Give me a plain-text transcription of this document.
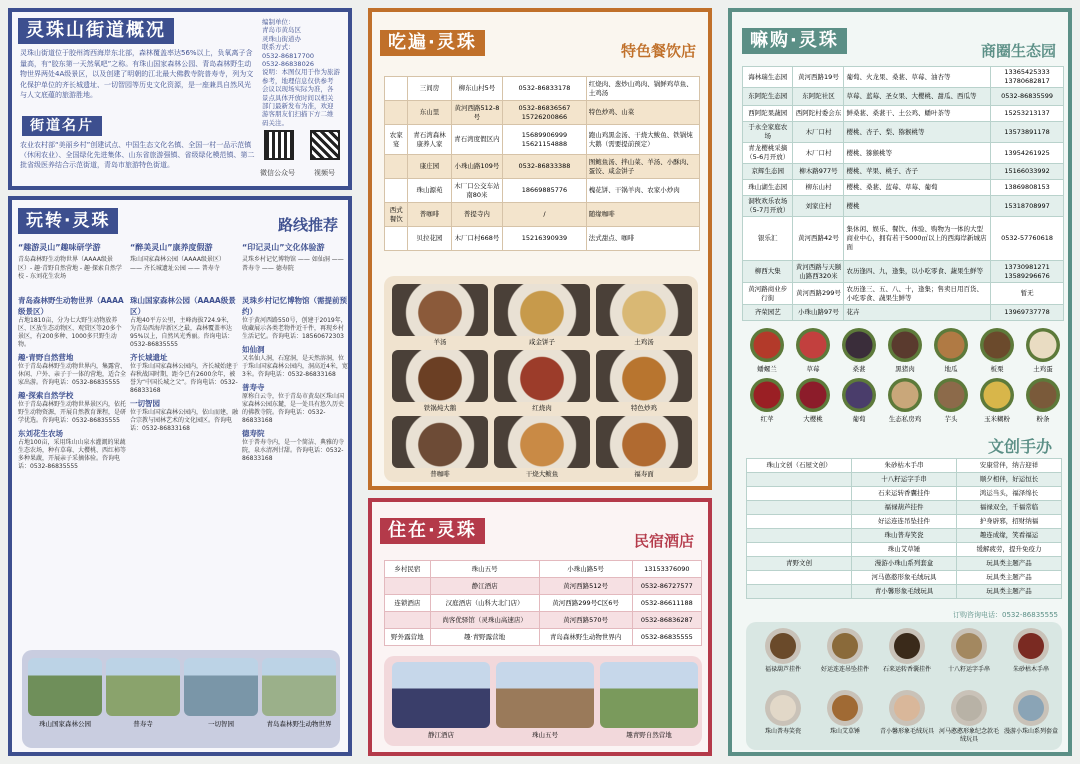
灵珠山街道概况
灵珠山街道位于胶州湾西海岸东北部，森林覆盖率达56%以上，负氧离子含量高，有“胶东第一天然氧吧”之称。有珠山国家森林公园、青岛森林野生动物世界两处4A级景区，以及创建了明朝的江北最大佛教寺院普寿寺，列为文化保护单位的齐长城遗址、一切智园等历史文化资源，是一座兼具自然风光与人文底蕴的旅游胜地。
编制单位：
青岛市黄岛区
灵珠山街道办
联系方式：
0532-86817700
0532-86838026
说明：本图仅用于作为旅游
参考，地理信息仅供参考
会议以现场实际为准，各
景点具体开放时间以相关
部门最新发布为准，欢迎
游客朋友们扫描下方二维
码关注。
街道名片
农业农村部“美丽乡村”创建试点、中国生态文化名镇、全国一村一品示范镇（休闲农业）、全国绿化先进集体、山东省旅游强镇、省级绿化模范镇、第二批省级医养结合示范街道，青岛市旅游特色街道。
微信公众号	视频号
玩转·灵珠	路线推荐
“趣游灵山”趣味研学游	“醉美灵山”康养度假游	“印记灵山”文化体验游
青岛森林野生动物世界（AAAA级景区）- 趣·青野自然营地 - 趣·探索自然学校 - 东刘花生农场
珠山国家森林公园（AAAA级景区）—— 齐长城遗址公园 —— 普寿寺
灵珠乡村记忆博物馆 —— 如仙洞 —— 普寿寺 —— 德寿院
青岛森林野生动物世界（AAAA级景区）
占地1810亩，分为七大野生动物放养区、区放生态动物区、观赏区等20多个景区，有200多种、1000多只野生动物。
趣·青野自然营地
位于青岛森林野生动物世界内，集露营、休闲、户外、亲子于一体的营地，适合全家出游。咨询电话：0532-86835555
趣·探索自然学校
位于青岛森林野生动物世界景区内，依托野生动物资源，开展自然教育课程，是研学优选。咨询电话：0532-86835555
东刘花生农场
占地100亩，采用珠山山泉水灌溉的果蔬生态农场，种有草莓、大樱桃、西红柿等多种果蔬，开展亲子采摘体验。咨询电话：0532-86835555
珠山国家森林公园（AAAA级景区）
占地40平方公里，主峰海拔724.9米，为青岛西海岸新区之最，森林覆盖率达95%以上，自然风光秀丽。咨询电话：0532-86835555
齐长城遗址
位于珠山国家森林公园内，齐长城始建于春秋战国时期，距今已有2600余年，被誉为“中国长城之父”。咨询电话：0532-86833168
一切智园
位于珠山国家森林公园内，依山而建，融合宗教与园林艺术的文化园区。咨询电话：0532-86833168
灵珠乡村记忆博物馆（需提前预约）
位于黄河西路550号，创建于2019年，收藏展示各类老物件近千件，再现乡村生活记忆。咨询电话：18560672303
如仙洞
又名仙人洞，石窟洞，是天然溶洞，位于珠山国家森林公园内，洞高近4米，宽3米。咨询电话：0532-86833168
普寿寺
原称白云寺，位于青岛市黄岛区珠山国家森林公园东麓，是一处具有悠久历史的佛教寺院。咨询电话：0532-86833168
德寿院
位于普寿寺内，是一个简洁、典雅的寺院，泉水清冽甘甜。咨询电话：0532-86833168
珠山国家森林公园	普寿寺	一切智园	青岛森林野生动物世界
吃遍·灵珠	特色餐饮店
	三间房	柳东山村5号	0532-86833178	红烧肉、葱炒山鸡肉、锅鲜鸡草鱼、土鸡汤
	东山里	黄河西路512-8号	0532-86836567 15726200866	特色炒鸡、山菜
农家宴	青石湾森林康养人家	青石湾度假区内	15689906999 15621154888	跑山鸡黑金汤、干烧大鲅鱼、铁锅炖大鹅（需要提前预定）
	康庄园	小珠山路109号	0532-86833388	图鲍鱼汤、拌山菜、羊汤、小酥肉、蛋饺、咸金饼子
	珠山源苑	木厂口公交车站南80米	18669885776	槐花饼、干锅羊肉、农家小炒肉
西式餐饮	普咖啡	普提寺内	/	随缘咖啡
	贝拉花园	木厂口村668号	15216390939	法式甜点、咖啡
羊汤	咸金饼子	土鸡汤
铁锅炖大鹅	红烧肉	特色炒鸡
普咖啡	干烧大鲅鱼	福寿面
住在·灵珠	民宿酒店
乡村民宿	珠山五号	小珠山路5号	13153376090
	静江酒店	黄河西路512号	0532-86727577
连锁酒店	汉庭酒店（山科大北门店）	黄河西路299号C区6号	0532-86611188
	尚客优驿馆（灵珠山高速店）	黄河西路570号	0532-86836287
野外露营地	趣·青野露营地	青岛森林野生动物世界内	0532-86835555
静江酒店	珠山五号	趣青野自然营地
嘛购·灵珠	商圈生态园
海林瑞生态园	黄河西路19号	葡萄、火龙果、桑葚、草莓、油杏等	13365425333 13780682817
东阿陀生态园	东阿陀社区	草莓、蓝莓、圣女果、大樱桃、甜瓜、西瓜等	0532-86835599
西阿陀果蔬园	西阿陀村委会东	鲜桑葚、桑葚干、土公鸡、蟠叶茶等	15253213137
于永全家庭农场	木厂口村	樱桃、杏子、梨、猕猴桃等	13573891178
青龙樱桃采摘（5-6月开放）	木厂口村	樱桃、猕猴桃等	13954261925
京辉生态园	柳木路977号	樱桃、苹果、桃子、杏子	15166033992
珠山湖生态园	柳东山村	樱桃、桑葚、蓝莓、草莓、葡萄	13869808153
洞牧欢乐农场（5-7月开放）	刘家庄村	樱桃	15318708997
银乐汇	黄河西路42号	集休闲、娱乐、餐饮、体验、购物为一体的大型商业中心，拥有若干5000㎡以上的西海岸新城店面	0532-57760618
柳西大集	黄河西路与天颐山路西320米	农历逢四、九，逢集，以小吃零食、蔬果生鲜等	13730981271 13589296676
黄河路商业步行街	黄河西路299号	农历逢三、五、八、十，逢集；售卖日用百货、小吃零食、蔬果生鲜等	暂无
齐荣园艺	小珠山路97号	花卉	13969737778
蟠螺兰	草莓	桑葚	黑猪肉	地瓜	板栗	土鸡蛋
红苹	大樱桃	葡萄	生态私房鸡	芋头	玉米糊粉	粉条
文创手办
珠山文创（石屋文创）	朱砂枯木手串	安康常伴，纳吉迎祥
	十八籽运字手串	顺夕相伴，好运恒长
	石来运转香囊挂件	鸿运当头，福泽绵长
	福禄葫芦挂件	福禄双全，千福常临
	好运连连吊坠挂件	护身辟邪，招财纳福
	珠山普寿笑瓷	趣连成缘，笑看福运
	珠山艾草锤	缓解疲劳，提升免疫力
青野文创	漫游小珠山系列套盒	玩具类主题产品
	河马憨憨形象毛绒玩具	玩具类主题产品
	青小馨形象毛绒玩具	玩具类主题产品
订购咨询电话：0532-86835555
福禄葫芦挂件	好运连连吊坠挂件	石来运转香囊挂件	十八籽运字手串	朱砂枯木手串
珠山普寿笑瓷	珠山艾草锤	青小馨形象毛绒玩具 河马憨憨形象纪念款毛绒玩具
漫游小珠山系列套盒
